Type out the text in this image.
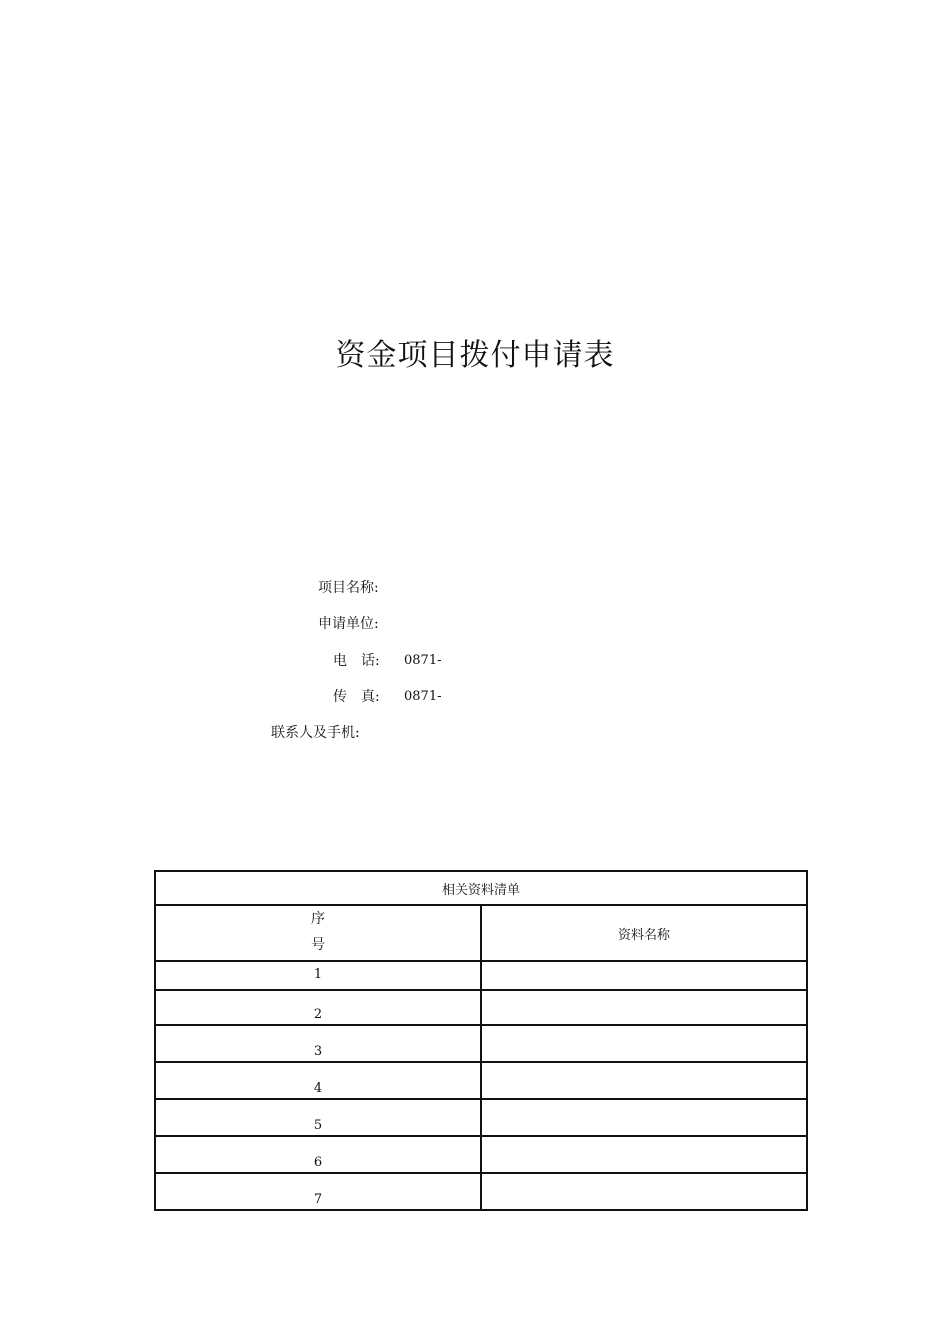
资金项目拨付申请表
项目名称:
申请单位:
电　话: 0871-
传　真: 0871-
联系人及手机:
相关资料清单	

序
号	资料名称
1	
2	
3	
4	
5	
6	
7	
